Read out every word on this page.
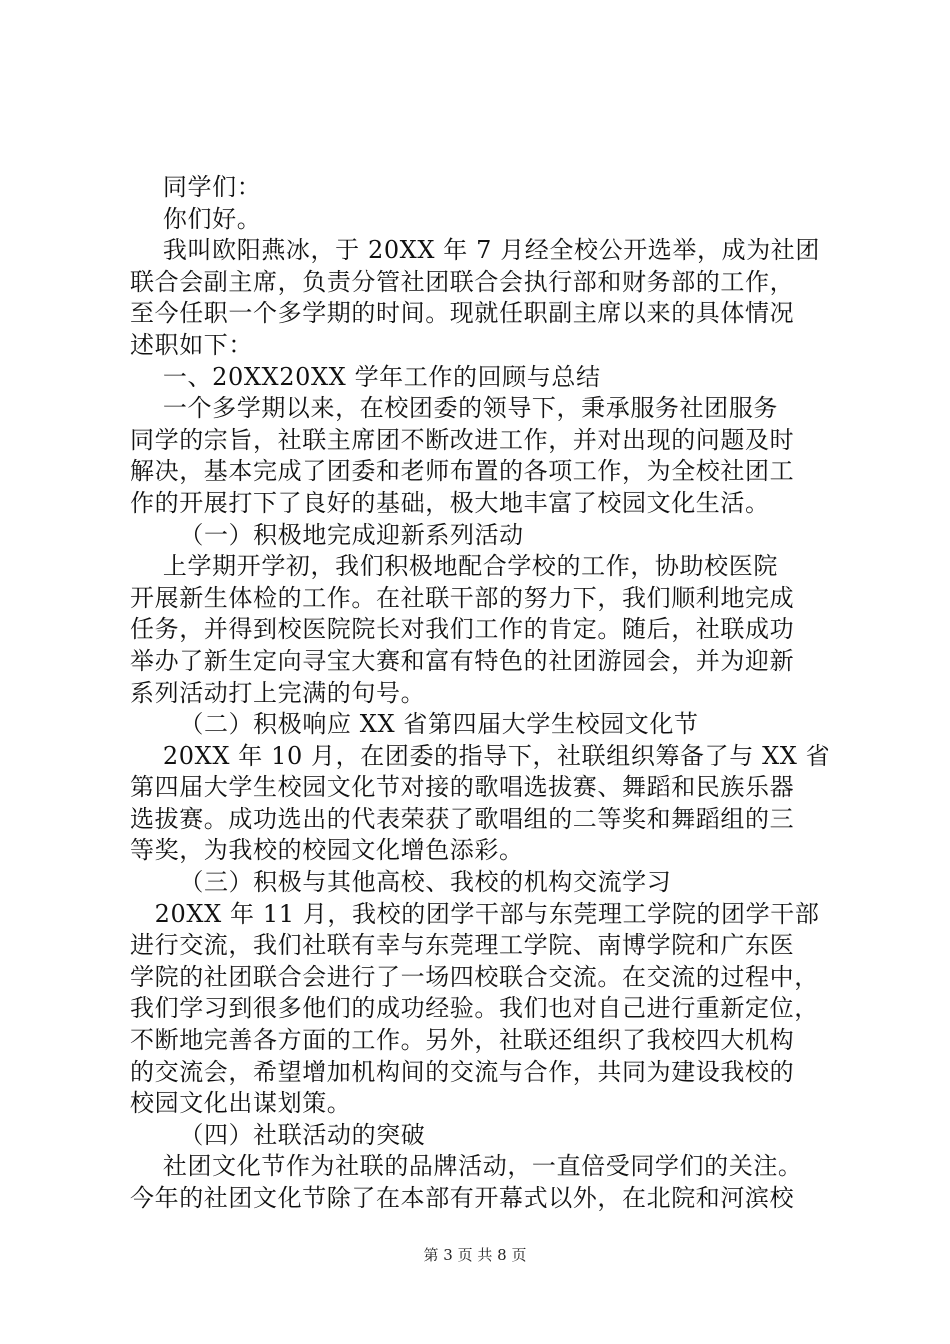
同学们：
你们好。
我叫欧阳燕冰，于 20XX 年 7 月经全校公开选举，成为社团
联合会副主席，负责分管社团联合会执行部和财务部的工作，
至今任职一个多学期的时间。现就任职副主席以来的具体情况
述职如下：
一、20XX20XX 学年工作的回顾与总结
一个多学期以来，在校团委的领导下，秉承服务社团服务
同学的宗旨，社联主席团不断改进工作，并对出现的问题及时
解决，基本完成了团委和老师布置的各项工作，为全校社团工
作的开展打下了良好的基础，极大地丰富了校园文化生活。
（一）积极地完成迎新系列活动
上学期开学初，我们积极地配合学校的工作，协助校医院
开展新生体检的工作。在社联干部的努力下，我们顺利地完成
任务，并得到校医院院长对我们工作的肯定。随后，社联成功
举办了新生定向寻宝大赛和富有特色的社团游园会，并为迎新
系列活动打上完满的句号。
（二）积极响应 XX 省第四届大学生校园文化节
20XX 年 10 月，在团委的指导下，社联组织筹备了与 XX 省
第四届大学生校园文化节对接的歌唱选拔赛、舞蹈和民族乐器
选拔赛。成功选出的代表荣获了歌唱组的二等奖和舞蹈组的三
等奖，为我校的校园文化增色添彩。
（三）积极与其他高校、我校的机构交流学习
20XX 年 11 月，我校的团学干部与东莞理工学院的团学干部
进行交流，我们社联有幸与东莞理工学院、南博学院和广东医
学院的社团联合会进行了一场四校联合交流。在交流的过程中，
我们学习到很多他们的成功经验。我们也对自己进行重新定位，
不断地完善各方面的工作。另外，社联还组织了我校四大机构
的交流会，希望增加机构间的交流与合作，共同为建设我校的
校园文化出谋划策。
（四）社联活动的突破
社团文化节作为社联的品牌活动，一直倍受同学们的关注。
今年的社团文化节除了在本部有开幕式以外，在北院和河滨校
第 3 页 共 8 页
